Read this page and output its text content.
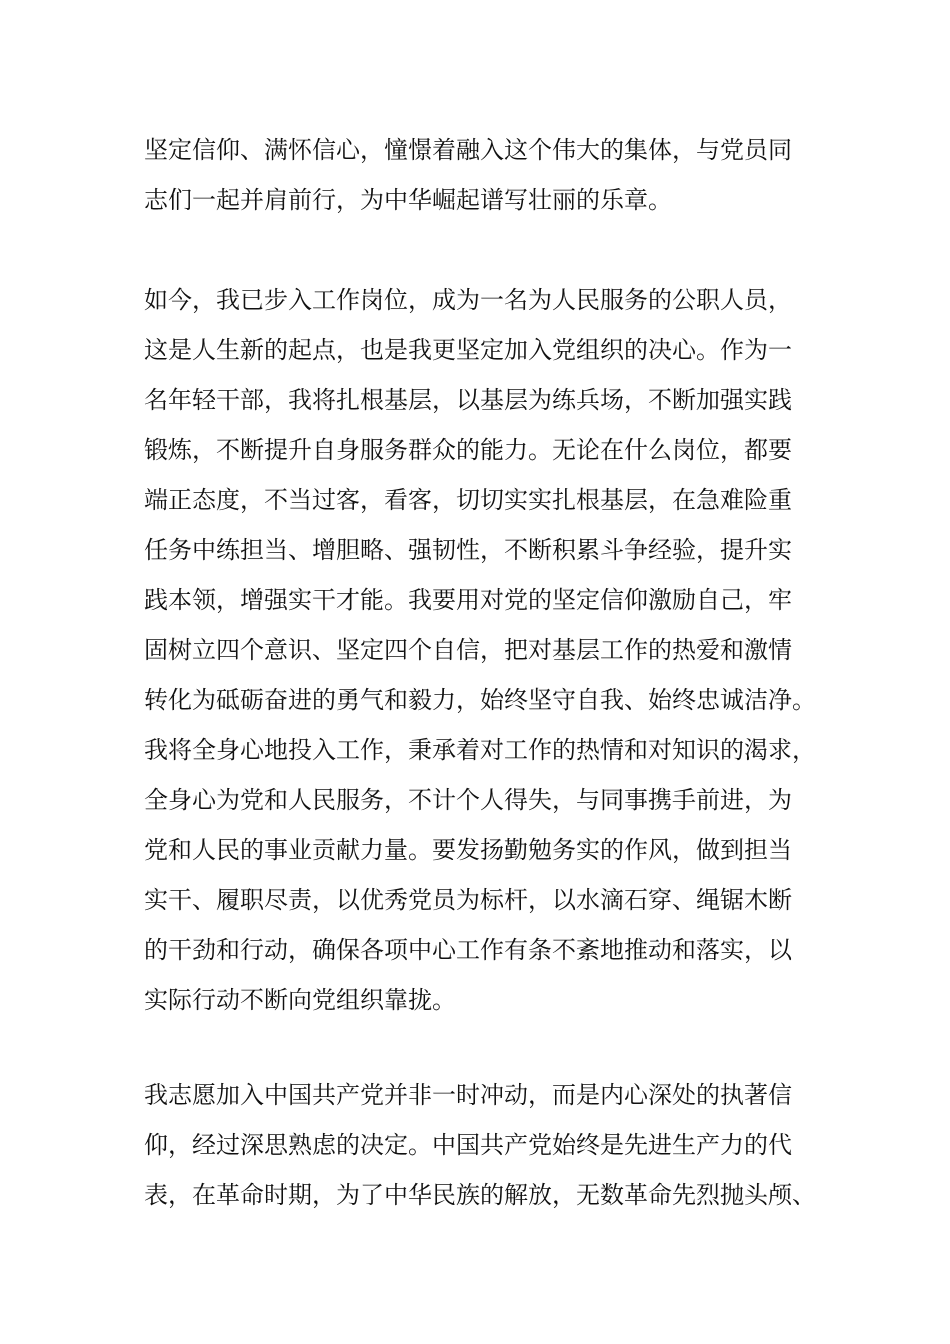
坚定信仰、满怀信心，憧憬着融入这个伟大的集体，与党员同
志们一起并肩前行，为中华崛起谱写壮丽的乐章。
如今，我已步入工作岗位，成为一名为人民服务的公职人员，
这是人生新的起点，也是我更坚定加入党组织的决心。作为一
名年轻干部，我将扎根基层，以基层为练兵场，不断加强实践
锻炼，不断提升自身服务群众的能力。无论在什么岗位，都要
端正态度，不当过客，看客，切切实实扎根基层，在急难险重
任务中练担当、增胆略、强韧性，不断积累斗争经验，提升实
践本领，增强实干才能。我要用对党的坚定信仰激励自己，牢
固树立四个意识、坚定四个自信，把对基层工作的热爱和激情
转化为砥砺奋进的勇气和毅力，始终坚守自我、始终忠诚洁净。
我将全身心地投入工作，秉承着对工作的热情和对知识的渴求，
全身心为党和人民服务，不计个人得失，与同事携手前进，为
党和人民的事业贡献力量。要发扬勤勉务实的作风，做到担当
实干、履职尽责，以优秀党员为标杆，以水滴石穿、绳锯木断
的干劲和行动，确保各项中心工作有条不紊地推动和落实，以
实际行动不断向党组织靠拢。
我志愿加入中国共产党并非一时冲动，而是内心深处的执著信
仰，经过深思熟虑的决定。中国共产党始终是先进生产力的代
表，在革命时期，为了中华民族的解放，无数革命先烈抛头颅、
